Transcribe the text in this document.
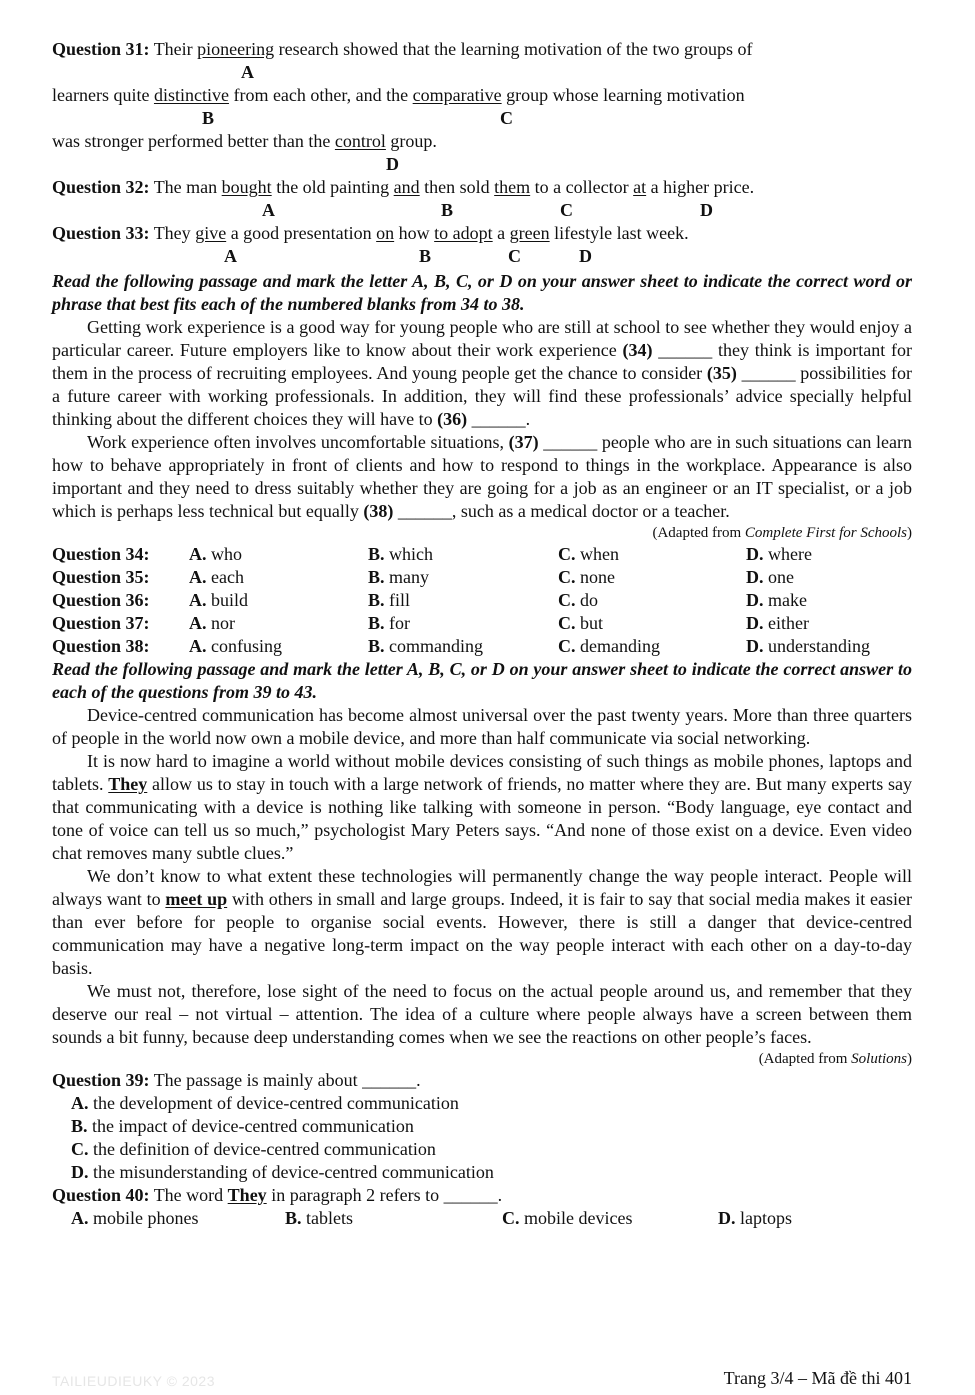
Question 31: Their pioneering research showed that the learning motivation of the two groups of
A
learners quite distinctive from each other, and the comparative group whose learning motivation
B	C
was stronger performed better than the control group.
D
Question 32: The man bought the old painting and then sold them to a collector at a higher price.
A	B	C	D
Question 33: They give a good presentation on how to adopt a green lifestyle last week.
A	B	C	D
Read the following passage and mark the letter A, B, C, or D on your answer sheet to indicate the correct word or phrase that best fits each of the numbered blanks from 34 to 38.

Getting work experience is a good way for young people who are still at school to see whether they would enjoy a particular career. Future employers like to know about their work experience (34) ______ they think is important for them in the process of recruiting employees. And young people get the chance to consider (35) ______ possibilities for a future career with working professionals. In addition, they will find these professionals’ advice specially helpful thinking about the different choices they will have to (36) ______.

Work experience often involves uncomfortable situations, (37) ______ people who are in such situations can learn how to behave appropriately in front of clients and how to respond to things in the workplace. Appearance is also important and they need to dress suitably whether they are going for a job as an engineer or an IT specialist, or a job which is perhaps less technical but equally (38) ______, such as a medical doctor or a teacher.

(Adapted from Complete First for Schools)
Question 34:	A. who	B. which	C. when	D. where
Question 35:	A. each	B. many	C. none	D. one
Question 36:	A. build	B. fill	C. do	D. make
Question 37:	A. nor	B. for	C. but	D. either
Question 38:	A. confusing	B. commanding	C. demanding	D. understanding
Read the following passage and mark the letter A, B, C, or D on your answer sheet to indicate the correct answer to each of the questions from 39 to 43.

Device-centred communication has become almost universal over the past twenty years. More than three quarters of people in the world now own a mobile device, and more than half communicate via social networking.

It is now hard to imagine a world without mobile devices consisting of such things as mobile phones, laptops and tablets. They allow us to stay in touch with a large network of friends, no matter where they are. But many experts say that communicating with a device is nothing like talking with someone in person. “Body language, eye contact and tone of voice can tell us so much,” psychologist Mary Peters says. “And none of those exist on a device. Even video chat removes many subtle clues.”

We don’t know to what extent these technologies will permanently change the way people interact. People will always want to meet up with others in small and large groups. Indeed, it is fair to say that social media makes it easier than ever before for people to organise social events. However, there is still a danger that device-centred communication may have a negative long-term impact on the way people interact with each other on a day-to-day basis.

We must not, therefore, lose sight of the need to focus on the actual people around us, and remember that they deserve our real – not virtual – attention. The idea of a culture where people always have a screen between them sounds a bit funny, because deep understanding comes when we see the reactions on other people’s faces.

(Adapted from Solutions)
Question 39: The passage is mainly about ______.
A. the development of device-centred communication
B. the impact of device-centred communication
C. the definition of device-centred communication
D. the misunderstanding of device-centred communication
Question 40: The word They in paragraph 2 refers to ______.
A. mobile phones	B. tablets	C. mobile devices	D. laptops
TAILIEUDIEUKY © 2023	Trang 3/4 – Mã đề thi 401
